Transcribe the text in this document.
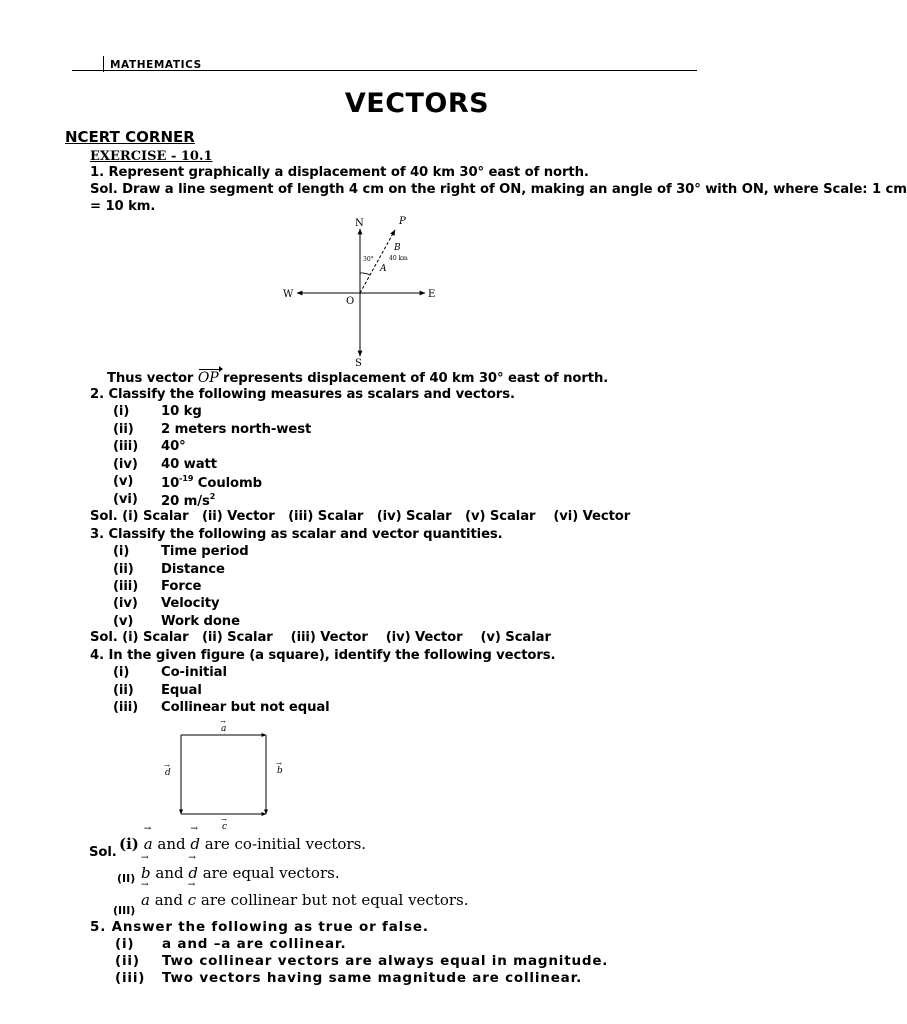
MATHEMATICS
VECTORS
NCERT CORNER
EXERCISE - 10.1
1. Represent graphically a displacement of 40 km 30° east of north.
Sol. Draw a line segment of length 4 cm on the right of ON, making an angle of 30° with ON, where Scale: 1 cm
= 10 km.
N	P
B
40 km
30°
A
W	E
O
S
Thus vector OP represents displacement of 40 km 30° east of north.
2. Classify the following measures as scalars and vectors.
(i) 10 kg
(ii) 2 meters north-west
(iii) 40°
(iv) 40 watt
(v) $10^{-19}$ Coulomb
(vi) 20 $m/s^2$
Sol. (i) Scalar   (ii) Vector   (iii) Scalar   (iv) Scalar   (v) Scalar    (vi) Vector
3. Classify the following as scalar and vector quantities.
(i) Time period
(ii) Distance
(iii) Force
(iv) Velocity
(v) Work done
Sol. (i) Scalar   (ii) Scalar    (iii) Vector    (iv) Vector    (v) Scalar
4. In the given figure (a square), identify the following vectors.
(i) Co-initial
(ii) Equal
(iii) Collinear but not equal
a
→
b
→
c
→
d
→
Sol. (i) → a and → d are co-initial vectors.
(II) → b and → d are equal vectors.
(III)
→ a and → c are collinear but not equal vectors.
5. Answer the following as true or false.
(i) a and –a are collinear.
(ii) Two collinear vectors are always equal in magnitude.
(iii) Two vectors having same magnitude are collinear.
